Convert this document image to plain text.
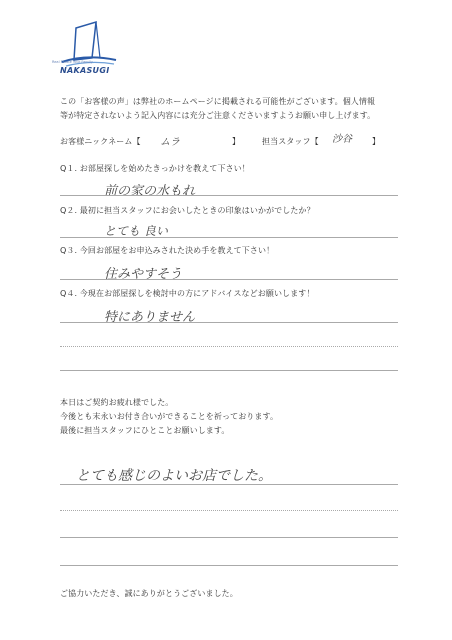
Real Estate Your Family
NAKASUGI
この「お客様の声」は弊社のホームページに掲載される可能性がございます。個人情報
等が特定されないよう記入内容には充分ご注意くださいますようお願い申し上げます。
お客様ニックネーム【 ムラ	】	担当スタッフ【 沙谷	】
Q１. お部屋探しを始めたきっかけを教えて下さい！
前の家の水もれ
Q２. 最初に担当スタッフにお会いしたときの印象はいかがでしたか？
とても 良い
Q３. 今回お部屋をお申込みされた決め手を教えて下さい！
住みやすそう
Q４. 今現在お部屋探しを検討中の方にアドバイスなどお願いします！
特にありません
本日はご契約お疲れ様でした。
今後とも末永いお付き合いができることを祈っております。
最後に担当スタッフにひとことお願いします。
とても感じのよいお店でした。
ご協力いただき、誠にありがとうございました。
